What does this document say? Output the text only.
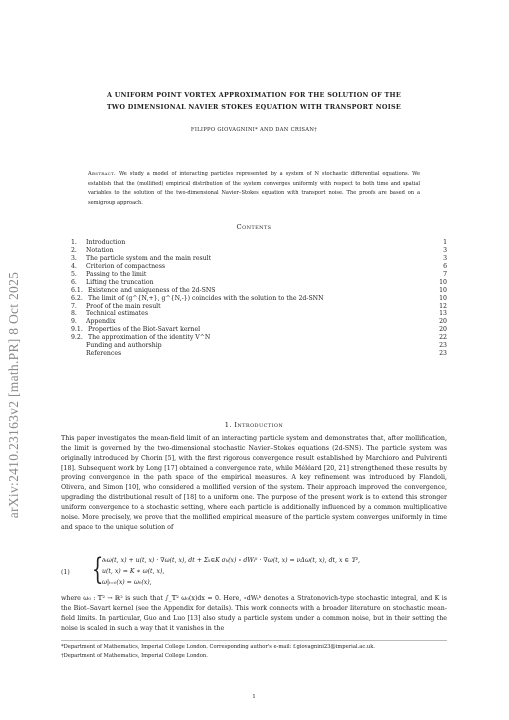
arXiv:2410.23163v2 [math.PR] 8 Oct 2025
A UNIFORM POINT VORTEX APPROXIMATION FOR THE SOLUTION OF THE
TWO DIMENSIONAL NAVIER STOKES EQUATION WITH TRANSPORT NOISE
FILIPPO GIOVAGNINI* AND DAN CRISAN†
Abstract. We study a model of interacting particles represented by a system of N stochastic differential equations. We establish that the (mollified) empirical distribution of the system converges uniformly with respect to both time and spatial variables to the solution of the two-dimensional Navier–Stokes equation with transport noise. The proofs are based on a semigroup approach.
Contents
1. Introduction	1
2. Notation	3
3. The particle system and the main result	3
4. Criterion of compactness	6
5. Passing to the limit	7
6. Lifting the truncation	10
6.1. Existence and uniqueness of the 2d-SNS	10
6.2. The limit of (g^{N,+}, g^{N,-}) coincides with the solution to the 2d-SNN	10
7. Proof of the main result	12
8. Technical estimates	13
9. Appendix	20
9.1. Properties of the Biot-Savart kernel	20
9.2. The approximation of the identity V^N	22
Funding and authorship	23
References	23
1. Introduction
This paper investigates the mean-field limit of an interacting particle system and demonstrates that, after mollification, the limit is governed by the two-dimensional stochastic Navier–Stokes equations (2d-SNS). The particle system was originally introduced by Chorin [5], with the first rigorous convergence result established by Marchioro and Pulvirenti [18]. Subsequent work by Long [17] obtained a convergence rate, while Méléard [20, 21] strengthened these results by proving convergence in the path space of the empirical measures. A key refinement was introduced by Flandoli, Olivera, and Simon [10], who considered a mollified version of the system. Their approach improved the convergence, upgrading the distributional result of [18] to a uniform one. The purpose of the present work is to extend this stronger uniform convergence to a stochastic setting, where each particle is additionally influenced by a common multiplicative noise. More precisely, we prove that the mollified empirical measure of the particle system converges uniformly in time and space to the unique solution of
(1) {
∂ₜω(t, x) + u(t, x) · ∇ω(t, x), dt + Σₖ∈K σₖ(x) ∘ dWₜᵏ · ∇ω(t, x) = νΔω(t, x), dt, x ∈ 𝕋²,
u(t, x) = K ∗ ω(t, x),
ω|ₜ₌₀(x) = ω₀(x),
where ω₀ : 𝕋² → ℝ² is such that ∫_𝕋² ω₀(x)dx = 0. Here, ∘dWₜᵏ denotes a Stratonovich-type stochastic integral, and K is the Biot–Savart kernel (see the Appendix for details). This work connects with a broader literature on stochastic mean-field limits. In particular, Guo and Luo [13] also study a particle system under a common noise, but in their setting the noise is scaled in such a way that it vanishes in the
*Department of Mathematics, Imperial College London. Corresponding author's e-mail: f.giovagnini23@imperial.ac.uk.
†Department of Mathematics, Imperial College London.
1
